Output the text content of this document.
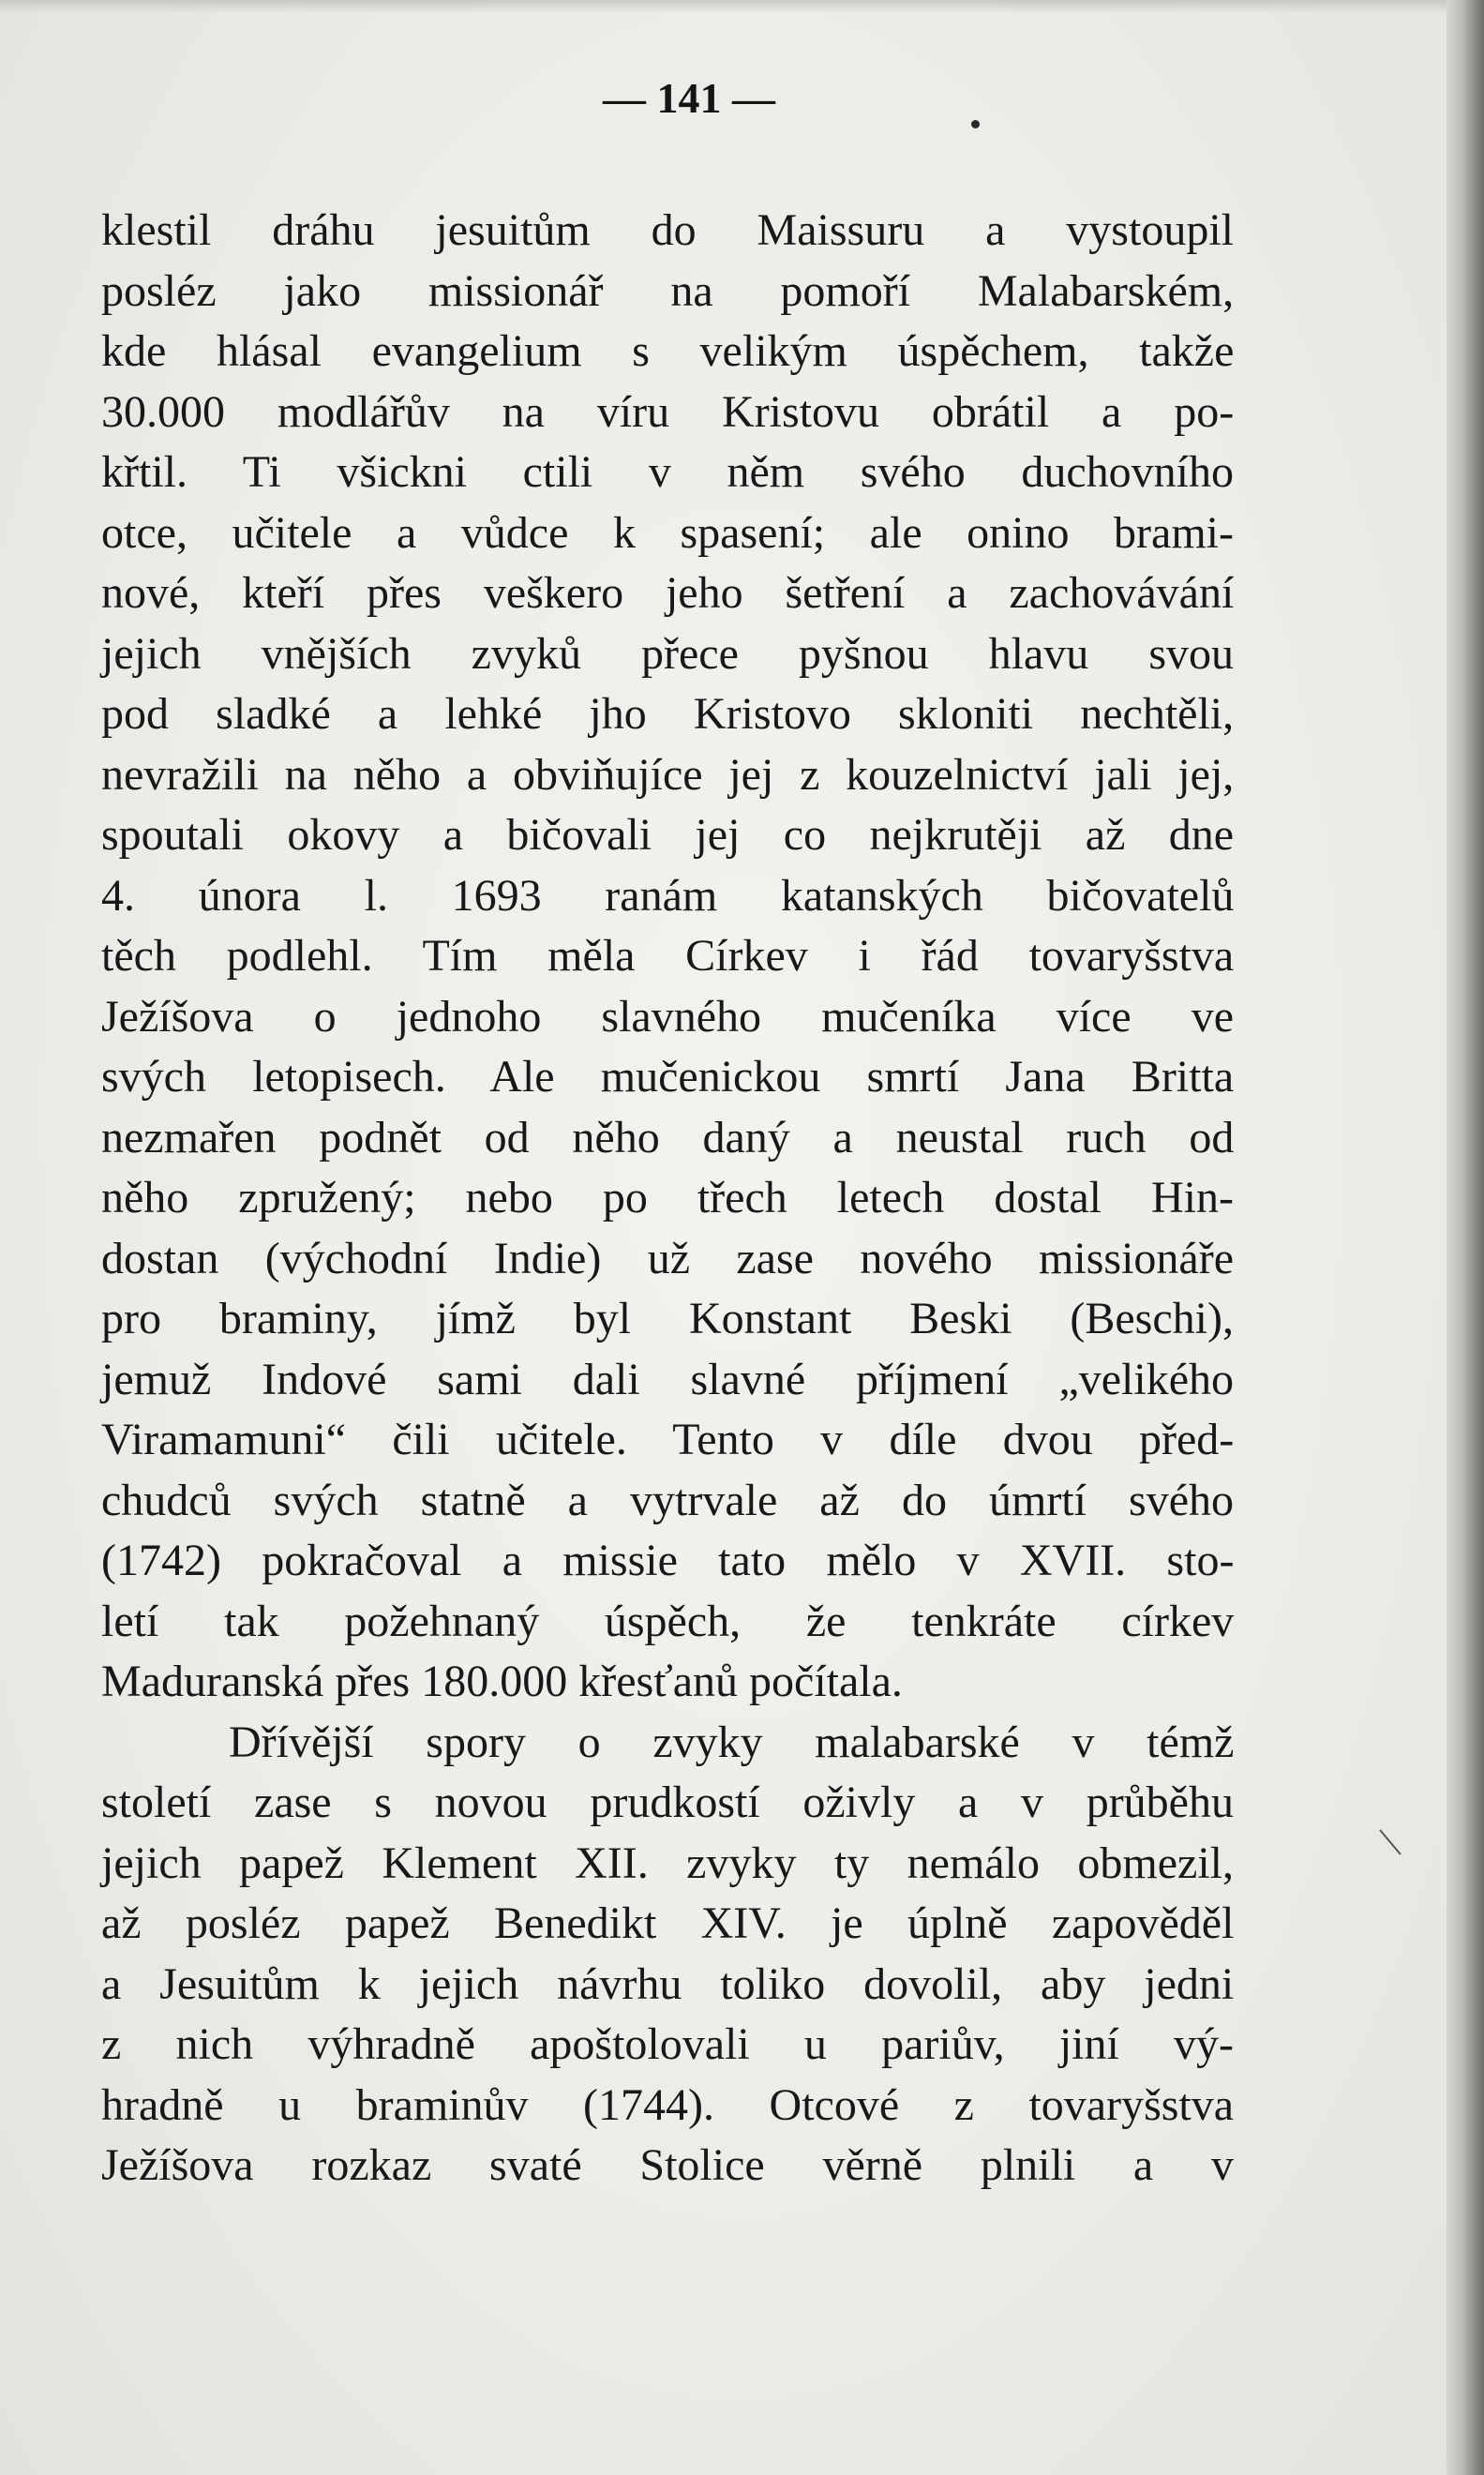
— 141 —

klestil dráhu jesuitům do Maissuru a vystoupil
posléz jako missionář na pomoří Malabarském,
kde hlásal evangelium s velikým úspěchem, takže
30.000 modlářův na víru Kristovu obrátil a po-
křtil. Ti všickni ctili v něm svého duchovního
otce, učitele a vůdce k spasení; ale onino brami-
nové, kteří přes veškero jeho šetření a zachovávání
jejich vnějších zvyků přece pyšnou hlavu svou
pod sladké a lehké jho Kristovo skloniti nechtěli,
nevražili na něho a obviňujíce jej z kouzelnictví jali jej,
spoutali okovy a bičovali jej co nejkrutěji až dne
4. února l. 1693 ranám katanských bičovatelů
těch podlehl. Tím měla Církev i řád tovaryšstva
Ježíšova o jednoho slavného mučeníka více ve
svých letopisech. Ale mučenickou smrtí Jana Britta
nezmařen podnět od něho daný a neustal ruch od
něho zpružený; nebo po třech letech dostal Hin-
dostan (východní Indie) už zase nového missionáře
pro braminy, jímž byl Konstant Beski (Beschi),
jemuž Indové sami dali slavné příjmení „velikého
Viramamuni“ čili učitele. Tento v díle dvou před-
chudců svých statně a vytrvale až do úmrtí svého
(1742) pokračoval a missie tato mělo v XVII. sto-
letí tak požehnaný úspěch, že tenkráte církev
Maduranská přes 180.000 křesťanů počítala.

Dřívější spory o zvyky malabarské v témž
století zase s novou prudkostí oživly a v průběhu
jejich papež Klement XII. zvyky ty nemálo obmezil,
až posléz papež Benedikt XIV. je úplně zapověděl
a Jesuitům k jejich návrhu toliko dovolil, aby jedni
z nich výhradně apoštolovali u pariův, jiní vý-
hradně u braminův (1744). Otcové z tovaryšstva
Ježíšova rozkaz svaté Stolice věrně plnili a v
